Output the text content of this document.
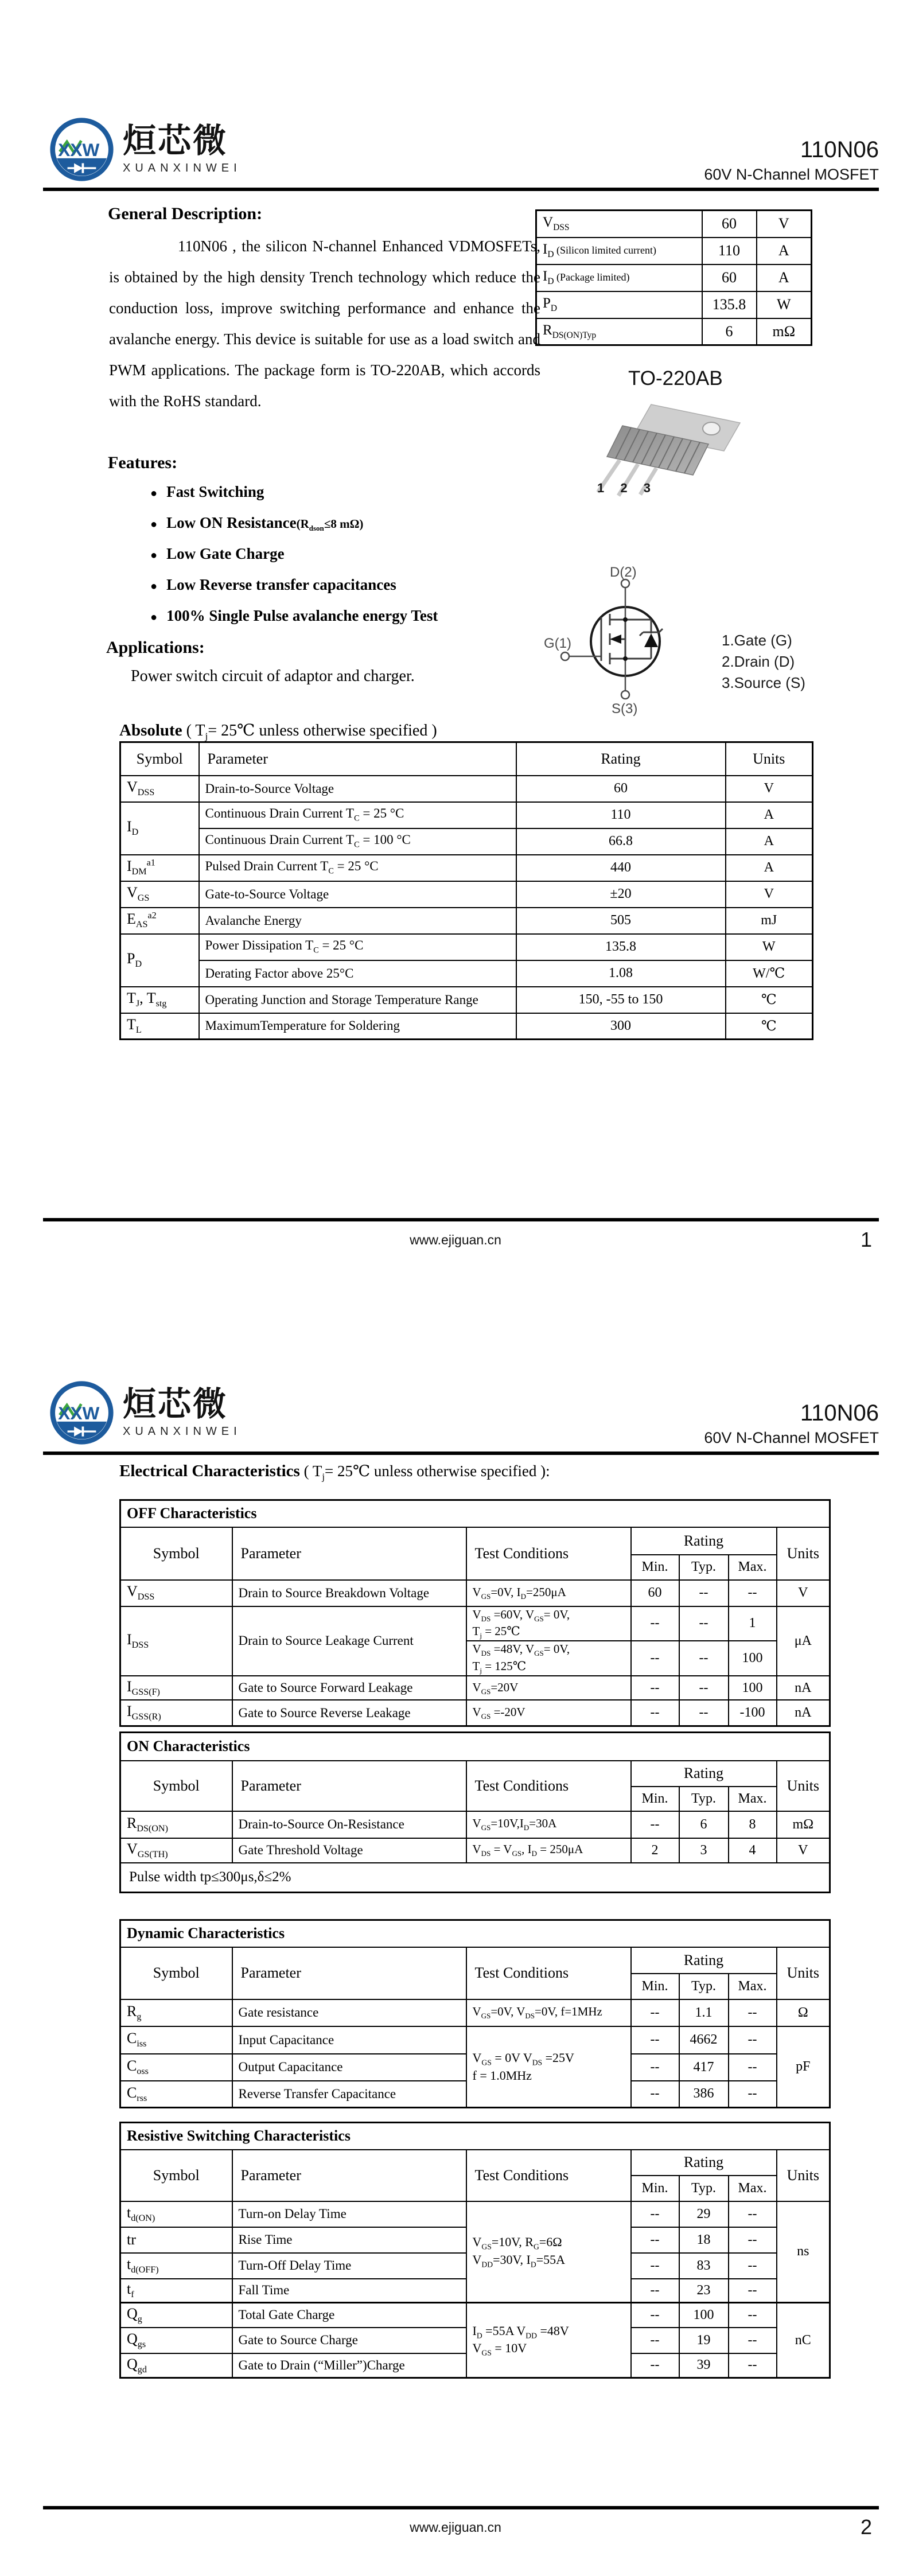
XXW 烜芯微
XUANXINWEI
110N06
60V N-Channel MOSFET
General Description:
110N06 , the silicon N-channel Enhanced VDMOSFETs, is obtained by the high density Trench technology which reduce the conduction loss, improve switching performance and enhance the avalanche energy. This device is suitable for use as a load switch and PWM applications. The package form is TO-220AB, which accords with the RoHS standard.
Features:
● Fast Switching
● Low ON Resistance ($R_{dson}\le 8$ mΩ)
● Low Gate Charge
● Low Reverse transfer capacitances
● 100% Single Pulse avalanche energy Test
Applications:
Power switch circuit of adaptor and charger.
$V_{DSS}$	60	V
$I_D$ (Silicon limited current)	110	A
$I_D$ (Package limited)	60	A
$P_D$	135.8	W
$R_{DS(ON)Typ}$	6	mΩ
TO-220AB
1 2 3
D(2)
G(1)
S(3)
1.Gate (G)
2.Drain (D)
3.Source (S)
Absolute ( $T_j=$ 25℃ unless otherwise specified )
Symbol	Parameter	Rating	Units
$V_{DSS}$	Drain-to-Source Voltage	60	V
$I_D$	Continuous Drain Current $T_C = 25$ °C	110	A
	Continuous Drain Current $T_C = 100$ °C	66.8	A
$I_{DM}^{a1}$	Pulsed Drain Current $T_C = 25$ °C	440	A
$V_{GS}$	Gate-to-Source Voltage	±20	V
$E_{AS}^{a2}$	Avalanche Energy	505	mJ
$P_D$	Power Dissipation $T_C = 25$ °C	135.8	W
	Derating Factor above 25°C	1.08	W/℃
$T_J$, $T_{stg}$	Operating Junction and Storage Temperature Range	150, -55 to 150	℃
$T_L$	MaximumTemperature for Soldering	300	℃
www.ejiguan.cn	1
XXW 烜芯微
XUANXINWEI
110N06
60V N-Channel MOSFET
Electrical Characteristics ( $T_j=$ 25℃ unless otherwise specified ):
OFF Characteristics						
Symbol	Parameter	Test Conditions	Rating			Units
			Min.	Typ.	Max.	
$V_{DSS}$	Drain to Source Breakdown Voltage	$V_{GS}=0V$, $I_D=250\mu A$	60	--	--	V
$I_{DSS}$	Drain to Source Leakage Current	$V_{DS} =60V$, $V_{GS}= 0V$,
$T_j$ = 25℃	--	--	1	μA

		$V_{DS} =48V$, $V_{GS}= 0V$,
$T_j$ = 125℃	--	--	100	
$I_{GSS(F)}$	Gate to Source Forward Leakage	$V_{GS}=20V$	--	--	100	nA
$I_{GSS(R)}$	Gate to Source Reverse Leakage	$V_{GS} =-20V$	--	--	-100	nA
ON Characteristics						
Symbol	Parameter	Test Conditions	Rating			Units
			Min.	Typ.	Max.	
$R_{DS(ON)}$	Drain-to-Source On-Resistance	$V_{GS}=10V,I_D=30A$	--	6	8	mΩ
$V_{GS(TH)}$	Gate Threshold Voltage	$V_{DS} = V_{GS}$, $I_D = 250\mu A$	2	3	4	V
Pulse width tp≤300μs,δ≤2%						
Dynamic Characteristics						
Symbol	Parameter	Test Conditions	Rating			Units
			Min.	Typ.	Max.	
$R_g$	Gate resistance	$V_{GS}=0V$, $V_{DS}=0V$, f=1MHz	--	1.1	--	Ω
$C_{iss}$	Input Capacitance	$V_{GS} = 0V$ $V_{DS} =25V$
f = 1.0MHz	--	4662	--	pF
$C_{oss}$	Output Capacitance		--	417	--	
$C_{rss}$	Reverse Transfer Capacitance		--	386	--	
Resistive Switching Characteristics						
Symbol	Parameter	Test Conditions	Rating			Units
			Min.	Typ.	Max.	
$t_{d(ON)}$	Turn-on Delay Time	$V_{GS}=10V$, $R_G=6\Omega$
$V_{DD}=30V$, $I_D=55A$	--	29	--	ns
tr	Rise Time		--	18	--	
$t_{d(OFF)}$	Turn-Off Delay Time		--	83	--	
$t_f$	Fall Time		--	23	--	
$Q_g$	Total Gate Charge	$I_D =55A$ $V_{DD} =48V$
$V_{GS} = 10V$	--	100	--	nC
$Q_{gs}$	Gate to Source Charge		--	19	--	
$Q_{gd}$	Gate to Drain (“Miller”)Charge		--	39	--	
www.ejiguan.cn	2
